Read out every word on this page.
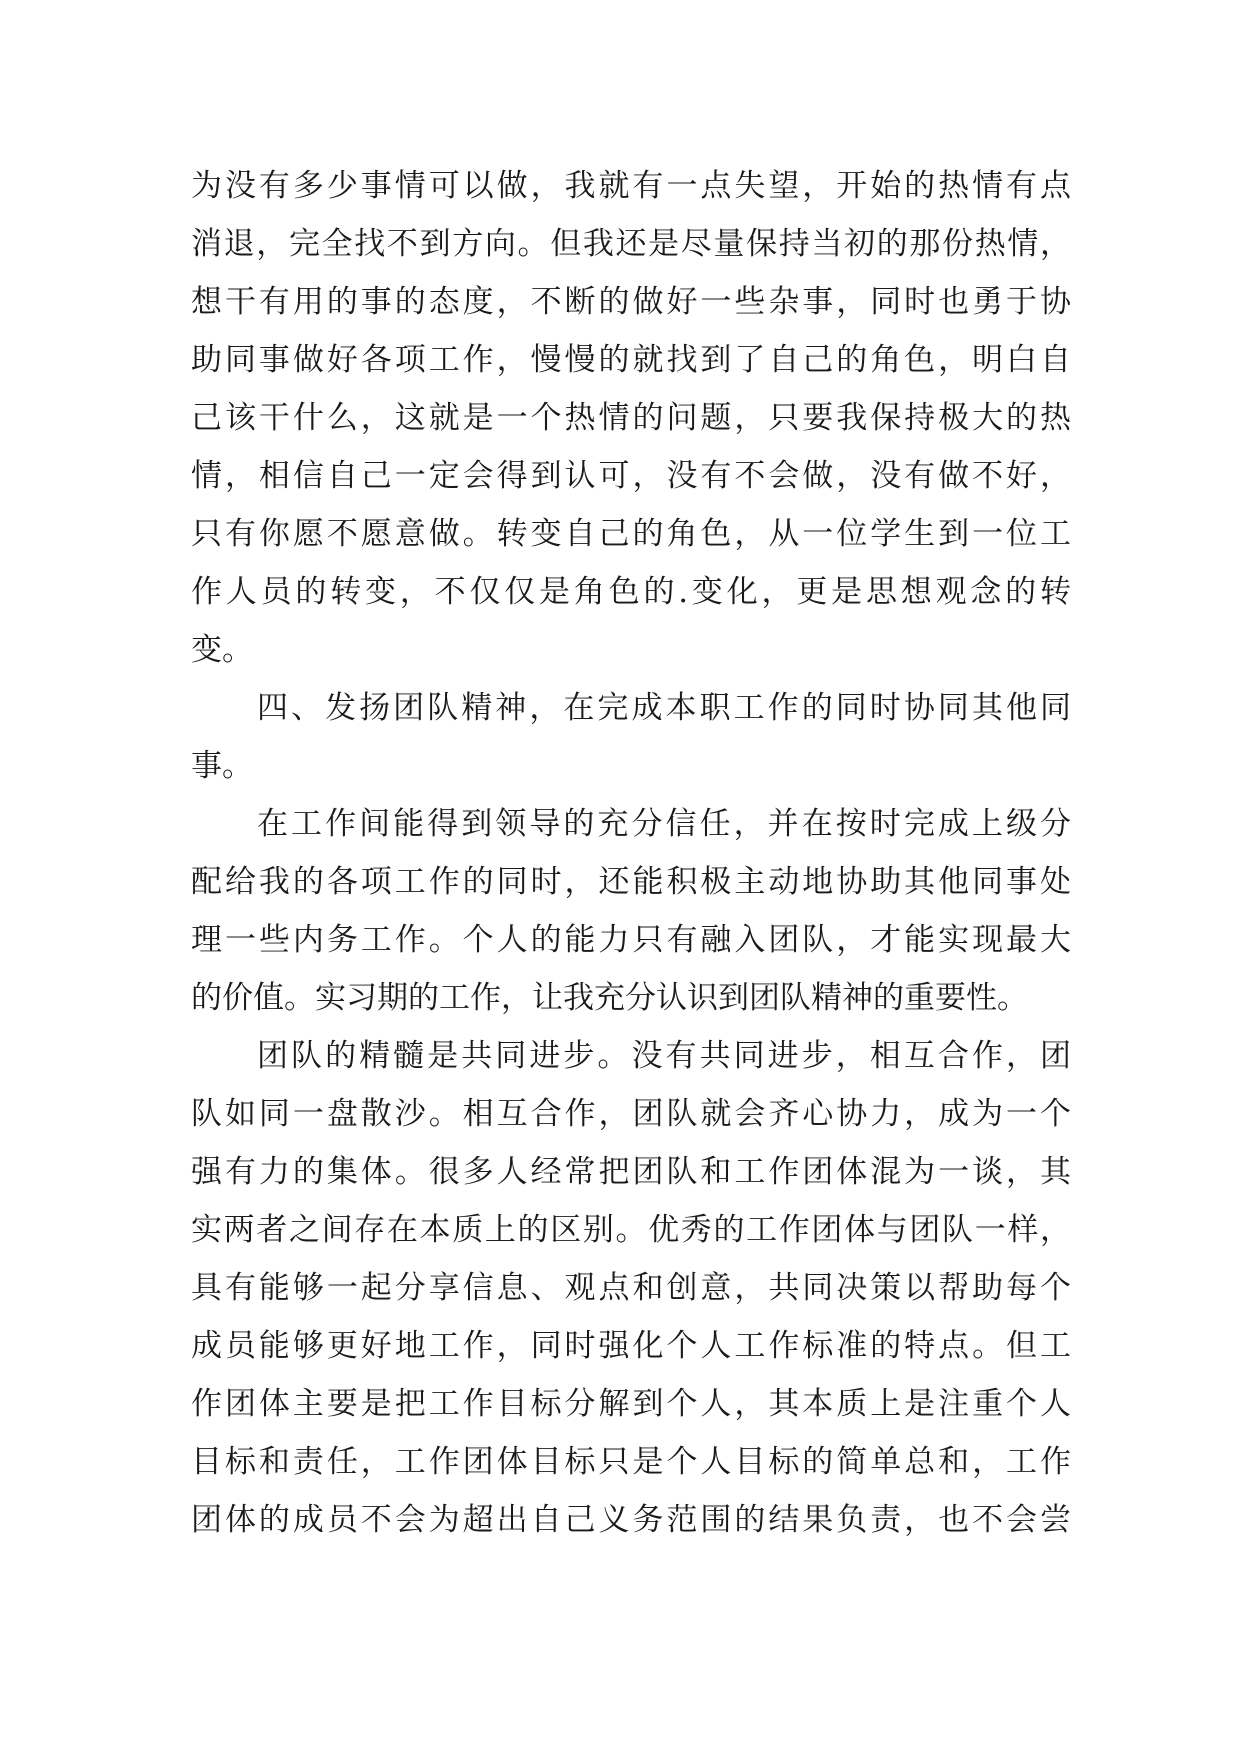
为没有多少事情可以做，我就有一点失望，开始的热情有点
消退，完全找不到方向。但我还是尽量保持当初的那份热情，
想干有用的事的态度，不断的做好一些杂事，同时也勇于协
助同事做好各项工作，慢慢的就找到了自己的角色，明白自
己该干什么，这就是一个热情的问题，只要我保持极大的热
情，相信自己一定会得到认可，没有不会做，没有做不好，
只有你愿不愿意做。转变自己的角色，从一位学生到一位工
作人员的转变，不仅仅是角色的.变化，更是思想观念的转
变。
四、发扬团队精神，在完成本职工作的同时协同其他同
事。
在工作间能得到领导的充分信任，并在按时完成上级分
配给我的各项工作的同时，还能积极主动地协助其他同事处
理一些内务工作。个人的能力只有融入团队，才能实现最大
的价值。实习期的工作，让我充分认识到团队精神的重要性。
团队的精髓是共同进步。没有共同进步，相互合作，团
队如同一盘散沙。相互合作，团队就会齐心协力，成为一个
强有力的集体。很多人经常把团队和工作团体混为一谈，其
实两者之间存在本质上的区别。优秀的工作团体与团队一样，
具有能够一起分享信息、观点和创意，共同决策以帮助每个
成员能够更好地工作，同时强化个人工作标准的特点。但工
作团体主要是把工作目标分解到个人，其本质上是注重个人
目标和责任，工作团体目标只是个人目标的简单总和，工作
团体的成员不会为超出自己义务范围的结果负责，也不会尝
